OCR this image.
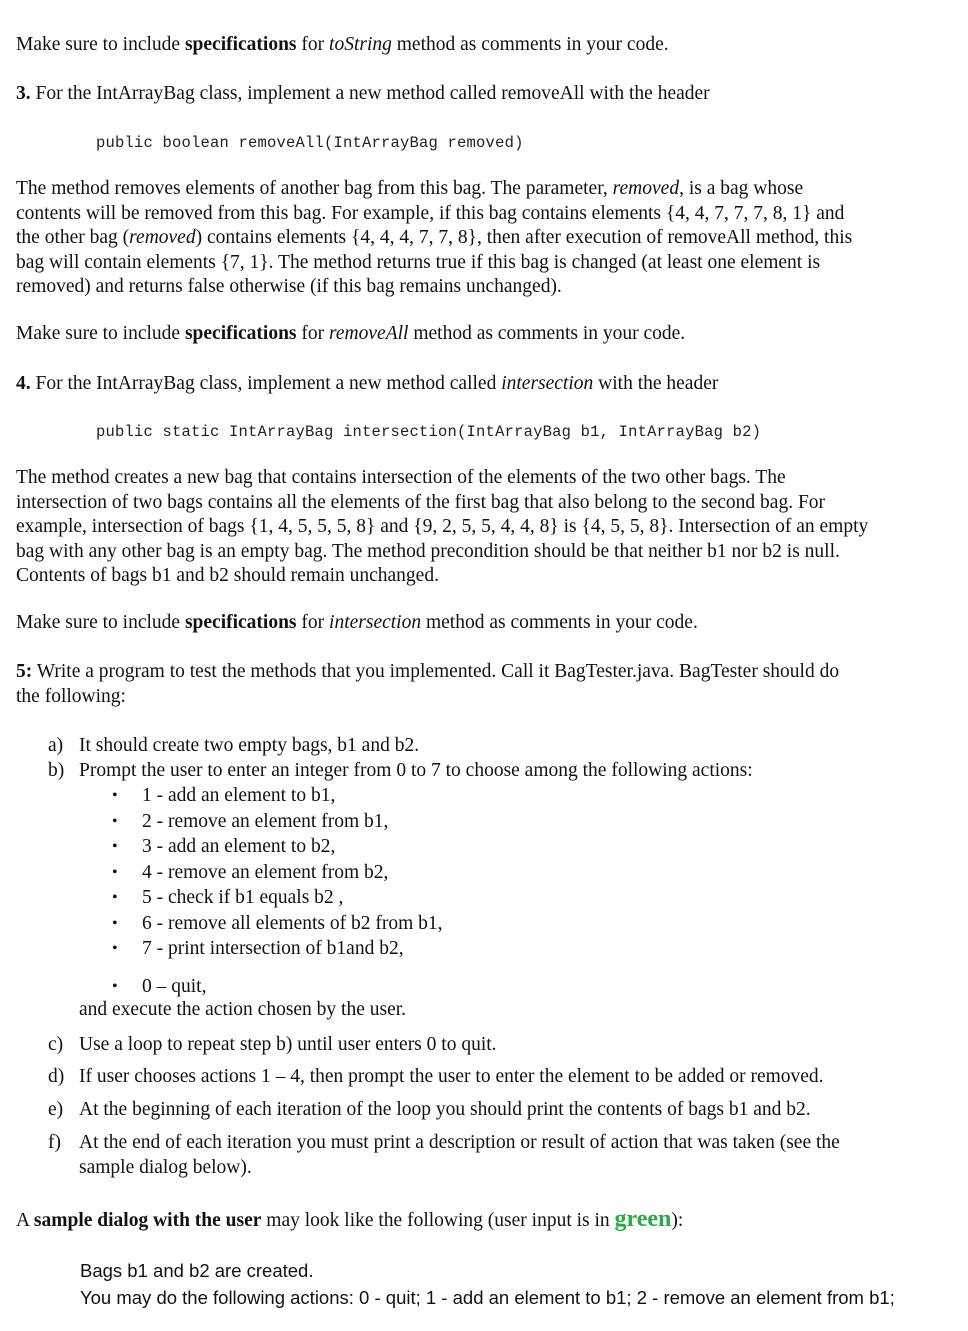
Make sure to include specifications for toString method as comments in your code.
3. For the IntArrayBag class, implement a new method called removeAll with the header
public boolean removeAll(IntArrayBag removed)
The method removes elements of another bag from this bag. The parameter, removed, is a bag whose
contents will be removed from this bag. For example, if this bag contains elements {4, 4, 7, 7, 7, 8, 1} and
the other bag (removed) contains elements {4, 4, 4, 7, 7, 8}, then after execution of removeAll method, this
bag will contain elements {7, 1}. The method returns true if this bag is changed (at least one element is
removed) and returns false otherwise (if this bag remains unchanged).
Make sure to include specifications for removeAll method as comments in your code.
4. For the IntArrayBag class, implement a new method called intersection with the header
public static IntArrayBag intersection(IntArrayBag b1, IntArrayBag b2)
The method creates a new bag that contains intersection of the elements of the two other bags. The
intersection of two bags contains all the elements of the first bag that also belong to the second bag. For
example, intersection of bags {1, 4, 5, 5, 5, 8} and {9, 2, 5, 5, 4, 4, 8} is {4, 5, 5, 8}. Intersection of an empty
bag with any other bag is an empty bag. The method precondition should be that neither b1 nor b2 is null.
Contents of bags b1 and b2 should remain unchanged.
Make sure to include specifications for intersection method as comments in your code.
5: Write a program to test the methods that you implemented. Call it BagTester.java. BagTester should do
the following:
a) It should create two empty bags, b1 and b2.
b) Prompt the user to enter an integer from 0 to 7 to choose among the following actions:
• 1 - add an element to b1,
• 2 - remove an element from b1,
• 3 - add an element to b2,
• 4 - remove an element from b2,
• 5 - check if b1 equals b2 ,
• 6 - remove all elements of b2 from b1,
• 7 - print intersection of b1and b2,
• 0 – quit,
and execute the action chosen by the user.
c) Use a loop to repeat step b) until user enters 0 to quit.
d) If user chooses actions 1 – 4, then prompt the user to enter the element to be added or removed.
e) At the beginning of each iteration of the loop you should print the contents of bags b1 and b2.
f) At the end of each iteration you must print a description or result of action that was taken (see the
sample dialog below).
A sample dialog with the user may look like the following (user input is in green):
Bags b1 and b2 are created.
You may do the following actions: 0 - quit; 1 - add an element to b1; 2 - remove an element from b1;
